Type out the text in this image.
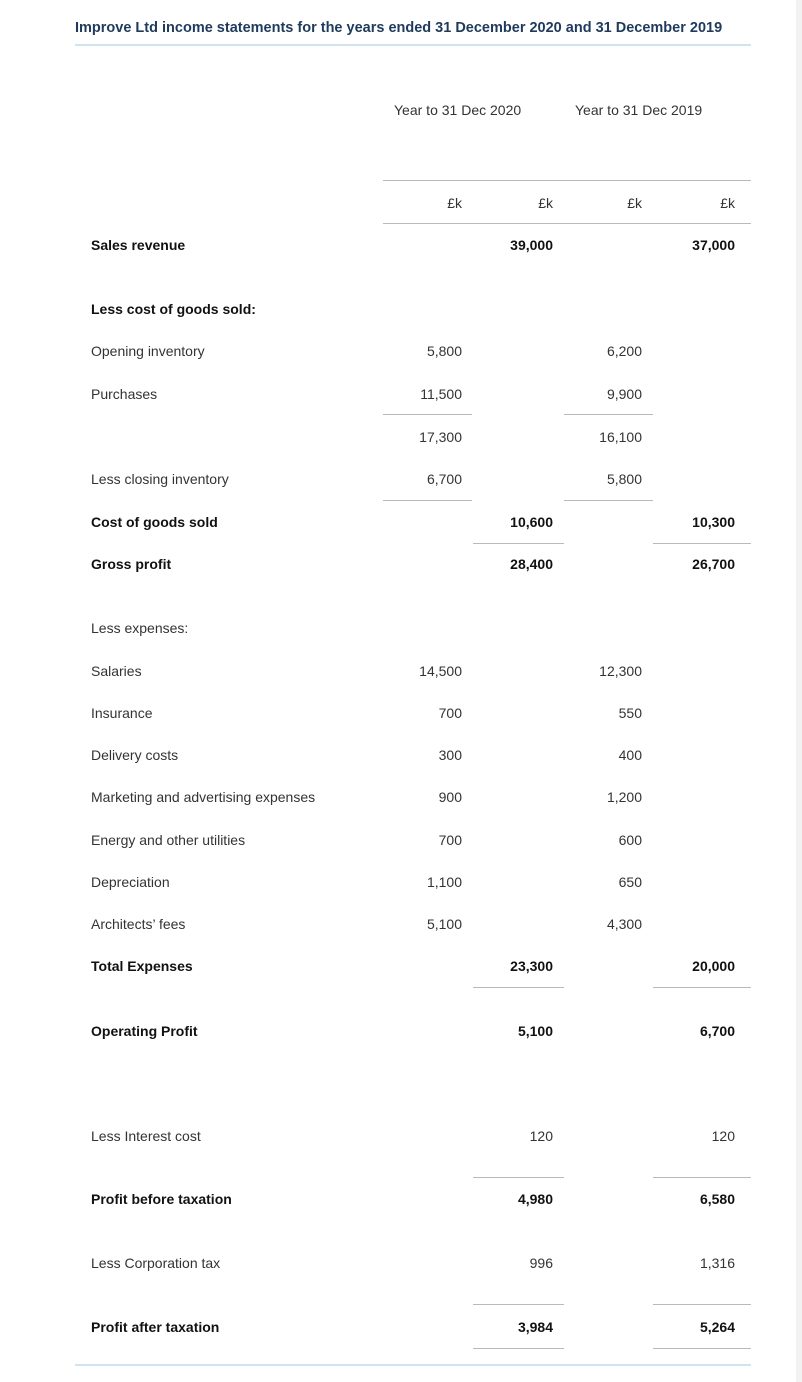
Improve Ltd income statements for the years ended 31 December 2020 and 31 December 2019
Year to 31 Dec 2020	Year to 31 Dec 2019
£k	£k	£k	£k
Sales revenue	39,000	37,000
Less cost of goods sold:
Opening inventory	5,800	6,200
Purchases	11,500	9,900
17,300	16,100
Less closing inventory	6,700	5,800
Cost of goods sold	10,600	10,300
Gross profit	28,400	26,700
Less expenses:
Salaries	14,500	12,300
Insurance	700	550
Delivery costs	300	400
Marketing and advertising expenses	900	1,200
Energy and other utilities	700	600
Depreciation	1,100	650
Architects’ fees	5,100	4,300
Total Expenses	23,300	20,000
Operating Profit	5,100	6,700
Less Interest cost	120	120
Profit before taxation	4,980	6,580
Less Corporation tax	996	1,316
Profit after taxation	3,984	5,264
